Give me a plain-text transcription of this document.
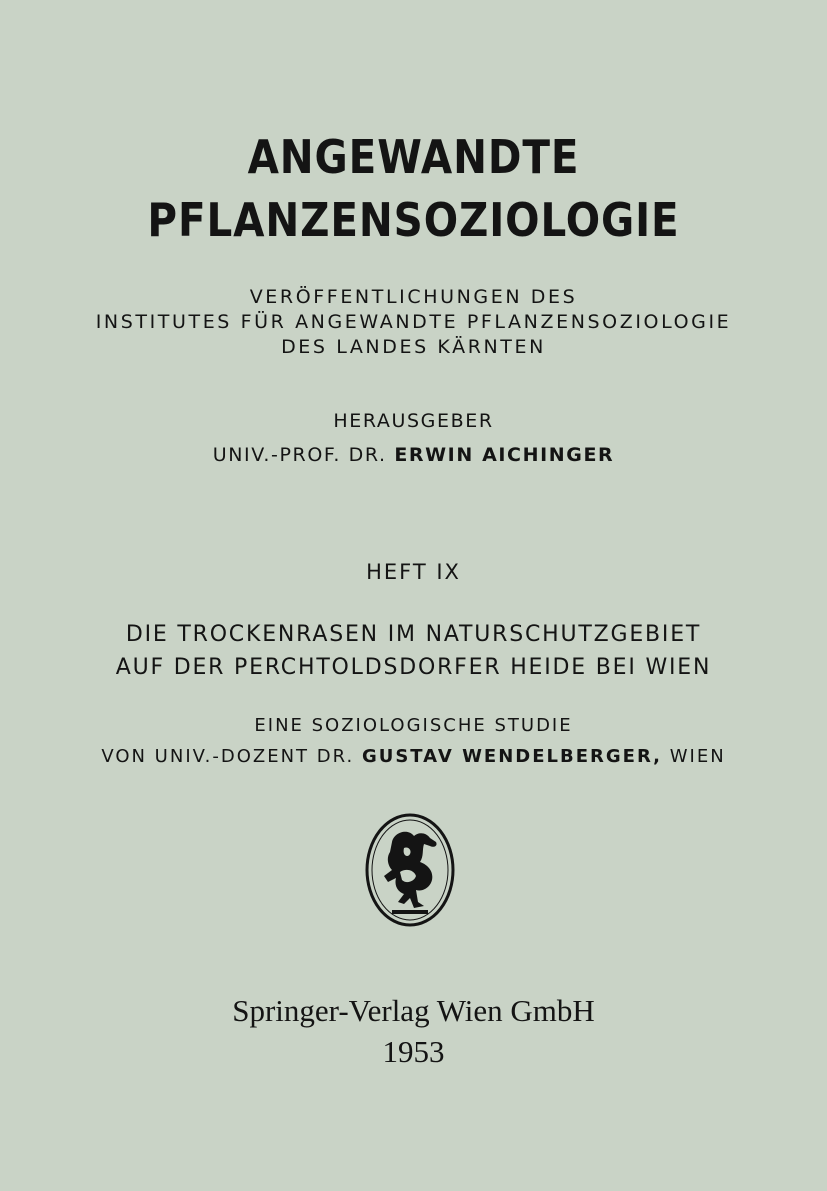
ANGEWANDTE
PFLANZENSOZIOLOGIE
VERÖFFENTLICHUNGEN DES
INSTITUTES FÜR ANGEWANDTE PFLANZENSOZIOLOGIE
DES LANDES KÄRNTEN
HERAUSGEBER
UNIV.-PROF. DR. ERWIN AICHINGER
HEFT IX
DIE TROCKENRASEN IM NATURSCHUTZGEBIET
AUF DER PERCHTOLDSDORFER HEIDE BEI WIEN
EINE SOZIOLOGISCHE STUDIE
VON UNIV.-DOZENT DR. GUSTAV WENDELBERGER, WIEN
Springer-Verlag Wien GmbH
1953
